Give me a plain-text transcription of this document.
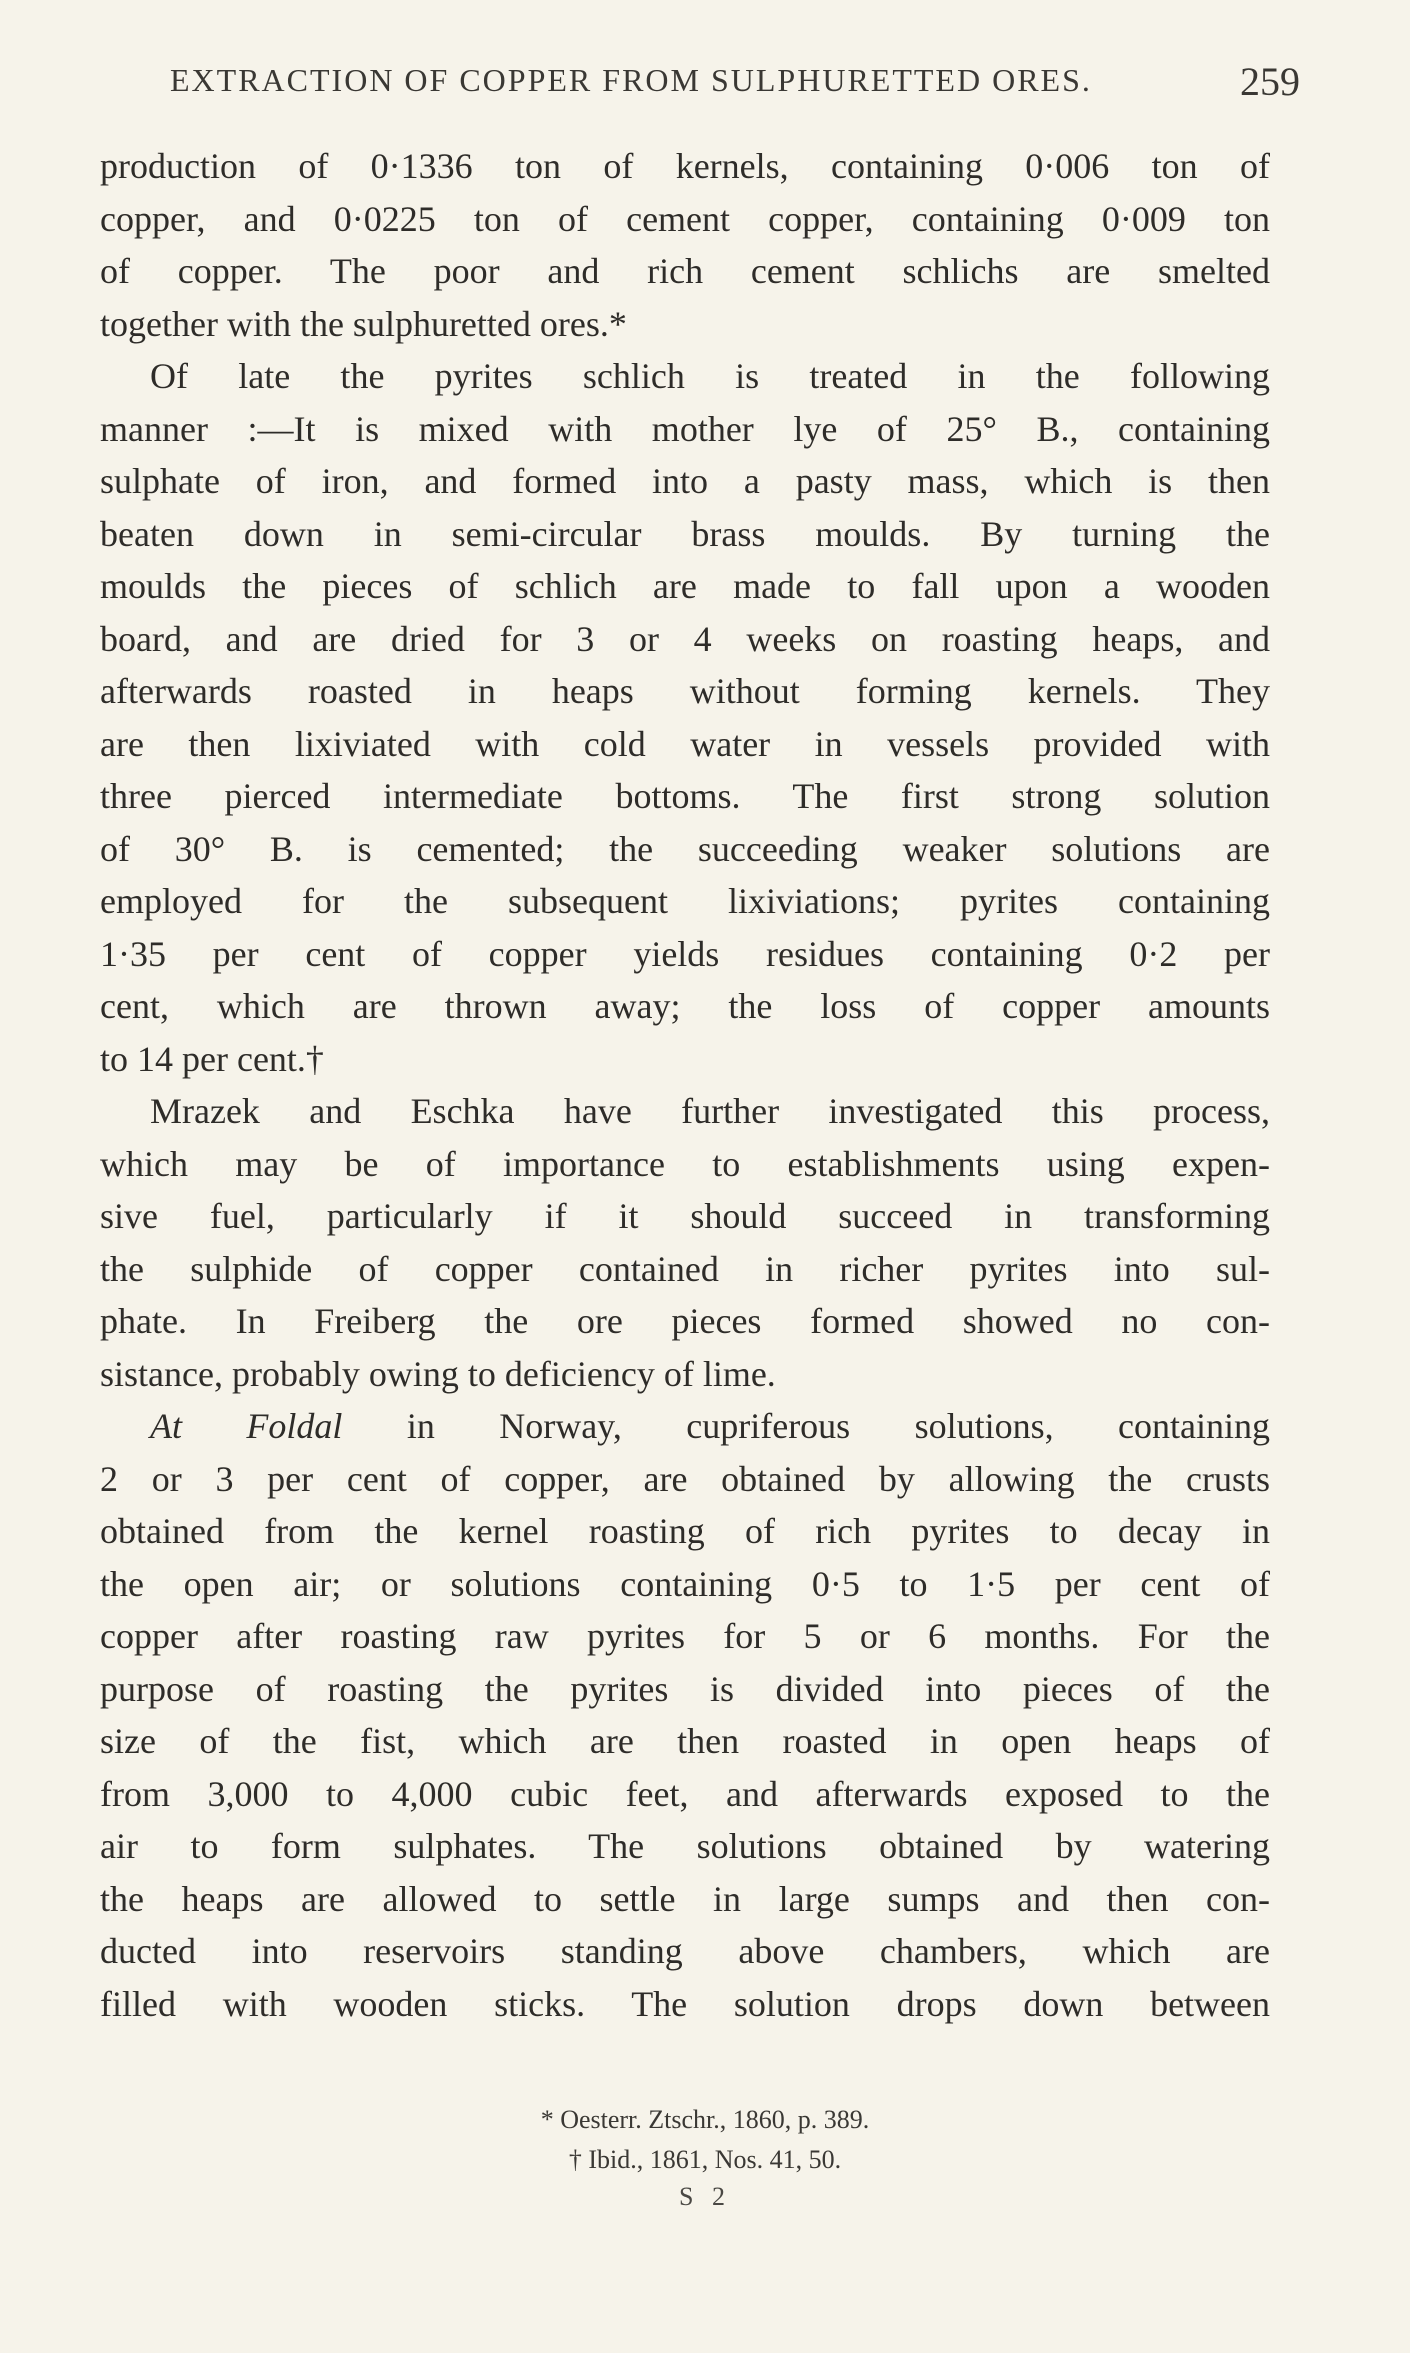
EXTRACTION OF COPPER FROM SULPHURETTED ORES.	259
production of 0·1336 ton of kernels, containing 0·006 ton of
copper, and 0·0225 ton of cement copper, containing 0·009 ton
of copper. The poor and rich cement schlichs are smelted
together with the sulphuretted ores.*
Of late the pyrites schlich is treated in the following
manner :—It is mixed with mother lye of 25° B., containing
sulphate of iron, and formed into a pasty mass, which is then
beaten down in semi-circular brass moulds. By turning the
moulds the pieces of schlich are made to fall upon a wooden
board, and are dried for 3 or 4 weeks on roasting heaps, and
afterwards roasted in heaps without forming kernels. They
are then lixiviated with cold water in vessels provided with
three pierced intermediate bottoms. The first strong solution
of 30° B. is cemented; the succeeding weaker solutions are
employed for the subsequent lixiviations; pyrites containing
1·35 per cent of copper yields residues containing 0·2 per
cent, which are thrown away; the loss of copper amounts
to 14 per cent.†
Mrazek and Eschka have further investigated this process,
which may be of importance to establishments using expen-
sive fuel, particularly if it should succeed in transforming
the sulphide of copper contained in richer pyrites into sul-
phate. In Freiberg the ore pieces formed showed no con-
sistance, probably owing to deficiency of lime.
At Foldal in Norway, cupriferous solutions, containing
2 or 3 per cent of copper, are obtained by allowing the crusts
obtained from the kernel roasting of rich pyrites to decay in
the open air; or solutions containing 0·5 to 1·5 per cent of
copper after roasting raw pyrites for 5 or 6 months. For the
purpose of roasting the pyrites is divided into pieces of the
size of the fist, which are then roasted in open heaps of
from 3,000 to 4,000 cubic feet, and afterwards exposed to the
air to form sulphates. The solutions obtained by watering
the heaps are allowed to settle in large sumps and then con-
ducted into reservoirs standing above chambers, which are
filled with wooden sticks. The solution drops down between
* Oesterr. Ztschr., 1860, p. 389.
† Ibid., 1861, Nos. 41, 50.
S 2
